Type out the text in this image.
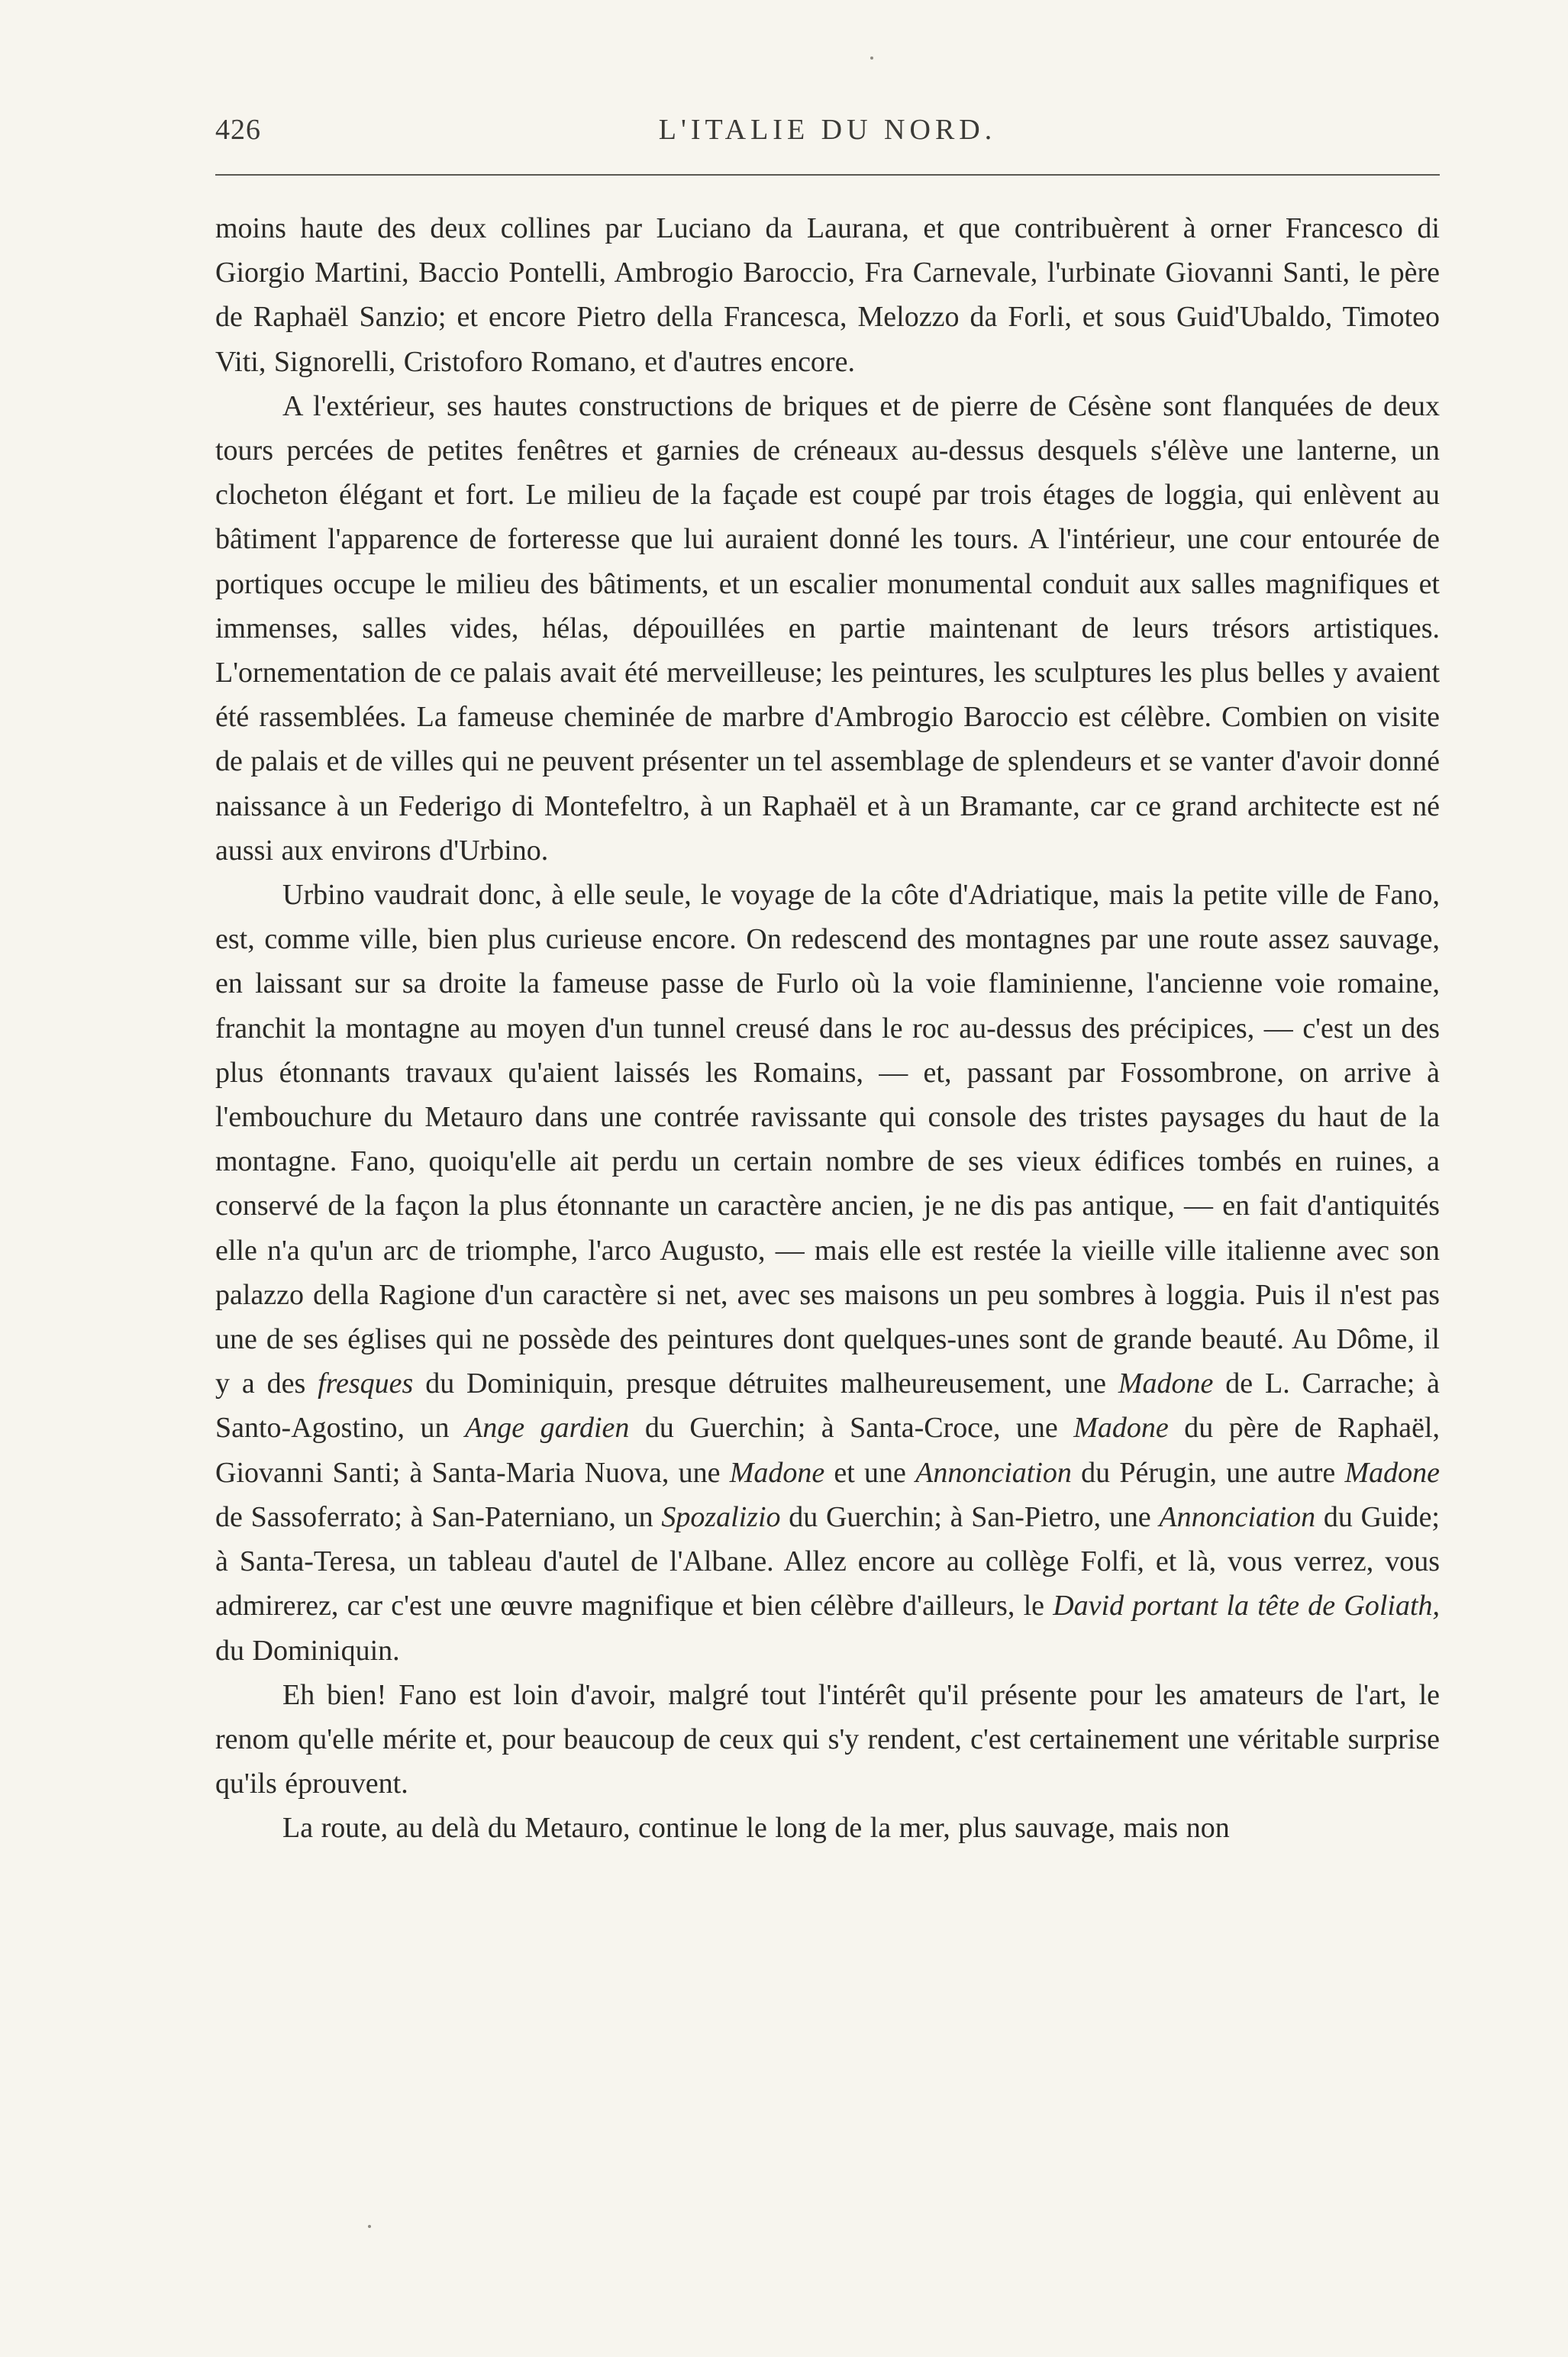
426	L'ITALIE DU NORD.

moins haute des deux collines par Luciano da Laurana, et que contribuèrent à orner Francesco di Giorgio Martini, Baccio Pontelli, Ambrogio Baroccio, Fra Carnevale, l'urbinate Giovanni Santi, le père de Raphaël Sanzio; et encore Pietro della Francesca, Melozzo da Forli, et sous Guid'Ubaldo, Timoteo Viti, Signorelli, Cristoforo Romano, et d'autres encore.

A l'extérieur, ses hautes constructions de briques et de pierre de Césène sont flanquées de deux tours percées de petites fenêtres et garnies de créneaux au-dessus desquels s'élève une lanterne, un clocheton élégant et fort. Le milieu de la façade est coupé par trois étages de loggia, qui enlèvent au bâtiment l'apparence de forteresse que lui auraient donné les tours. A l'intérieur, une cour entourée de portiques occupe le milieu des bâtiments, et un escalier monumental conduit aux salles magnifiques et immenses, salles vides, hélas, dépouillées en partie maintenant de leurs trésors artistiques. L'ornementation de ce palais avait été merveilleuse; les peintures, les sculptures les plus belles y avaient été rassemblées. La fameuse cheminée de marbre d'Ambrogio Baroccio est célèbre. Combien on visite de palais et de villes qui ne peuvent présenter un tel assemblage de splendeurs et se vanter d'avoir donné naissance à un Federigo di Montefeltro, à un Raphaël et à un Bramante, car ce grand architecte est né aussi aux environs d'Urbino.

Urbino vaudrait donc, à elle seule, le voyage de la côte d'Adriatique, mais la petite ville de Fano, est, comme ville, bien plus curieuse encore. On redescend des montagnes par une route assez sauvage, en laissant sur sa droite la fameuse passe de Furlo où la voie flaminienne, l'ancienne voie romaine, franchit la montagne au moyen d'un tunnel creusé dans le roc au-dessus des précipices, — c'est un des plus étonnants travaux qu'aient laissés les Romains, — et, passant par Fossombrone, on arrive à l'embouchure du Metauro dans une contrée ravissante qui console des tristes paysages du haut de la montagne. Fano, quoiqu'elle ait perdu un certain nombre de ses vieux édifices tombés en ruines, a conservé de la façon la plus étonnante un caractère ancien, je ne dis pas antique, — en fait d'antiquités elle n'a qu'un arc de triomphe, l'arco Augusto, — mais elle est restée la vieille ville italienne avec son palazzo della Ragione d'un caractère si net, avec ses maisons un peu sombres à loggia. Puis il n'est pas une de ses églises qui ne possède des peintures dont quelques-unes sont de grande beauté. Au Dôme, il y a des fresques du Dominiquin, presque détruites malheureusement, une Madone de L. Carrache; à Santo-Agostino, un Ange gardien du Guerchin; à Santa-Croce, une Madone du père de Raphaël, Giovanni Santi; à Santa-Maria Nuova, une Madone et une Annonciation du Pérugin, une autre Madone de Sassoferrato; à San-Paterniano, un Spozalizio du Guerchin; à San-Pietro, une Annonciation du Guide; à Santa-Teresa, un tableau d'autel de l'Albane. Allez encore au collège Folfi, et là, vous verrez, vous admirerez, car c'est une œuvre magnifique et bien célèbre d'ailleurs, le David portant la tête de Goliath, du Dominiquin.

Eh bien! Fano est loin d'avoir, malgré tout l'intérêt qu'il présente pour les amateurs de l'art, le renom qu'elle mérite et, pour beaucoup de ceux qui s'y rendent, c'est certainement une véritable surprise qu'ils éprouvent.

La route, au delà du Metauro, continue le long de la mer, plus sauvage, mais non
